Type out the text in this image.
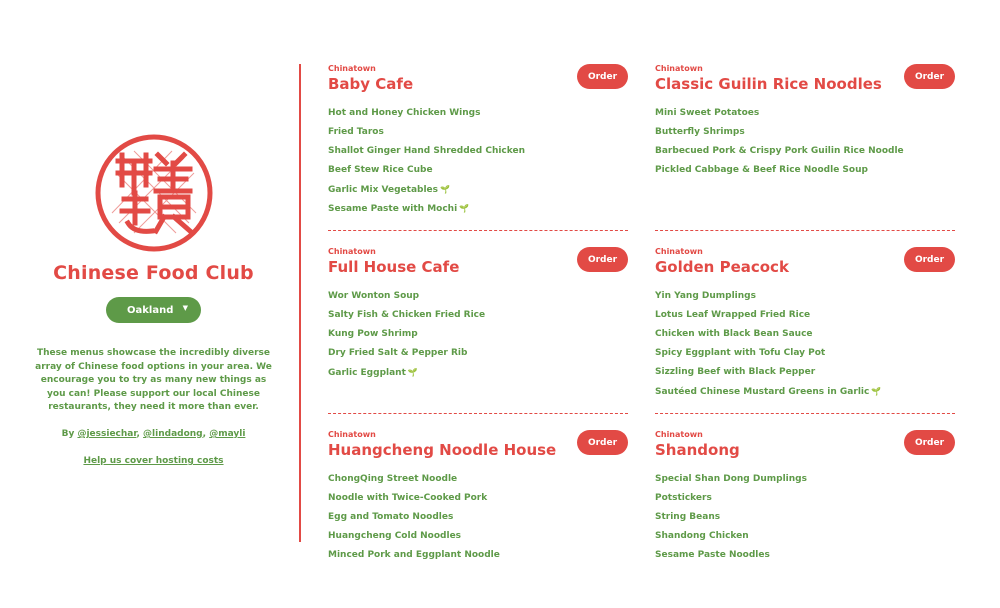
Chinese Food Club
Oakland ▼
These menus showcase the incredibly diverse array of Chinese food options in your area. We encourage you to try as many new things as you can! Please support our local Chinese restaurants, they need it more than ever.
By @jessiechar, @lindadong, @mayli
Help us cover hosting costs
Chinatown
Baby Cafe	Order
Hot and Honey Chicken Wings
Fried Taros
Shallot Ginger Hand Shredded Chicken
Beef Stew Rice Cube
Garlic Mix Vegetables 🌱
Sesame Paste with Mochi 🌱
Chinatown
Classic Guilin Rice Noodles	Order
Mini Sweet Potatoes
Butterfly Shrimps
Barbecued Pork & Crispy Pork Guilin Rice Noodle
Pickled Cabbage & Beef Rice Noodle Soup
Chinatown
Full House Cafe	Order
Wor Wonton Soup
Salty Fish & Chicken Fried Rice
Kung Pow Shrimp
Dry Fried Salt & Pepper Rib
Garlic Eggplant 🌱
Chinatown
Golden Peacock	Order
Yin Yang Dumplings
Lotus Leaf Wrapped Fried Rice
Chicken with Black Bean Sauce
Spicy Eggplant with Tofu Clay Pot
Sizzling Beef with Black Pepper
Sautéed Chinese Mustard Greens in Garlic 🌱
Chinatown
Huangcheng Noodle House	Order
ChongQing Street Noodle
Noodle with Twice-Cooked Pork
Egg and Tomato Noodles
Huangcheng Cold Noodles
Minced Pork and Eggplant Noodle
Chinatown
Shandong	Order
Special Shan Dong Dumplings
Potstickers
String Beans
Shandong Chicken
Sesame Paste Noodles
